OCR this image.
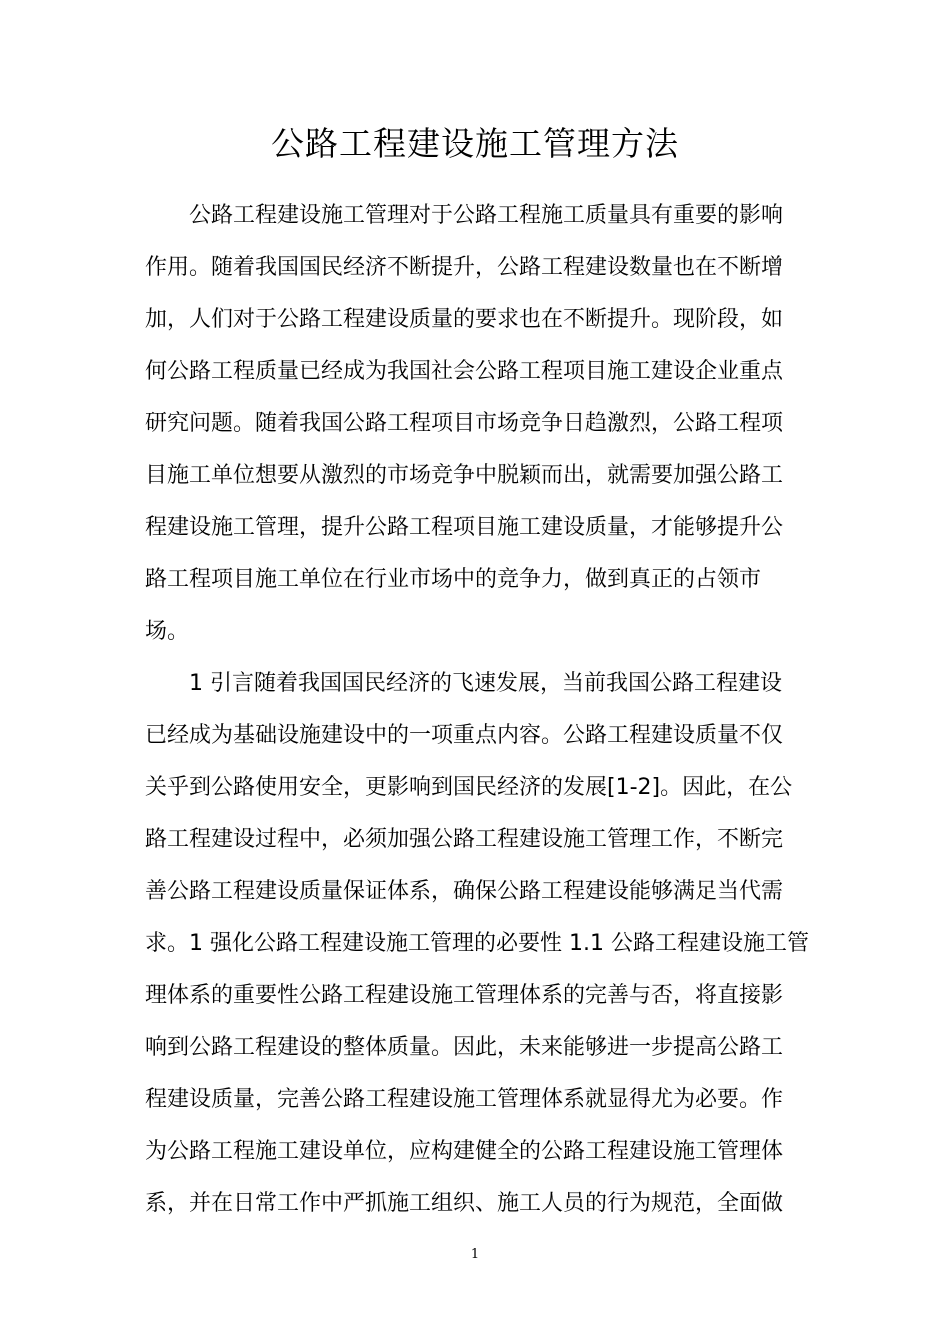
公路工程建设施工管理方法

公路工程建设施工管理对于公路工程施工质量具有重要的影响
作用。随着我国国民经济不断提升，公路工程建设数量也在不断增
加，人们对于公路工程建设质量的要求也在不断提升。现阶段，如
何公路工程质量已经成为我国社会公路工程项目施工建设企业重点
研究问题。随着我国公路工程项目市场竞争日趋激烈，公路工程项
目施工单位想要从激烈的市场竞争中脱颖而出，就需要加强公路工
程建设施工管理，提升公路工程项目施工建设质量，才能够提升公
路工程项目施工单位在行业市场中的竞争力，做到真正的占领市
场。

1 引言随着我国国民经济的飞速发展，当前我国公路工程建设
已经成为基础设施建设中的一项重点内容。公路工程建设质量不仅
关乎到公路使用安全，更影响到国民经济的发展[1-2]。因此，在公
路工程建设过程中，必须加强公路工程建设施工管理工作，不断完
善公路工程建设质量保证体系，确保公路工程建设能够满足当代需
求。1 强化公路工程建设施工管理的必要性 1.1 公路工程建设施工管
理体系的重要性公路工程建设施工管理体系的完善与否，将直接影
响到公路工程建设的整体质量。因此，未来能够进一步提高公路工
程建设质量，完善公路工程建设施工管理体系就显得尤为必要。作
为公路工程施工建设单位，应构建健全的公路工程建设施工管理体
系，并在日常工作中严抓施工组织、施工人员的行为规范，全面做

1
